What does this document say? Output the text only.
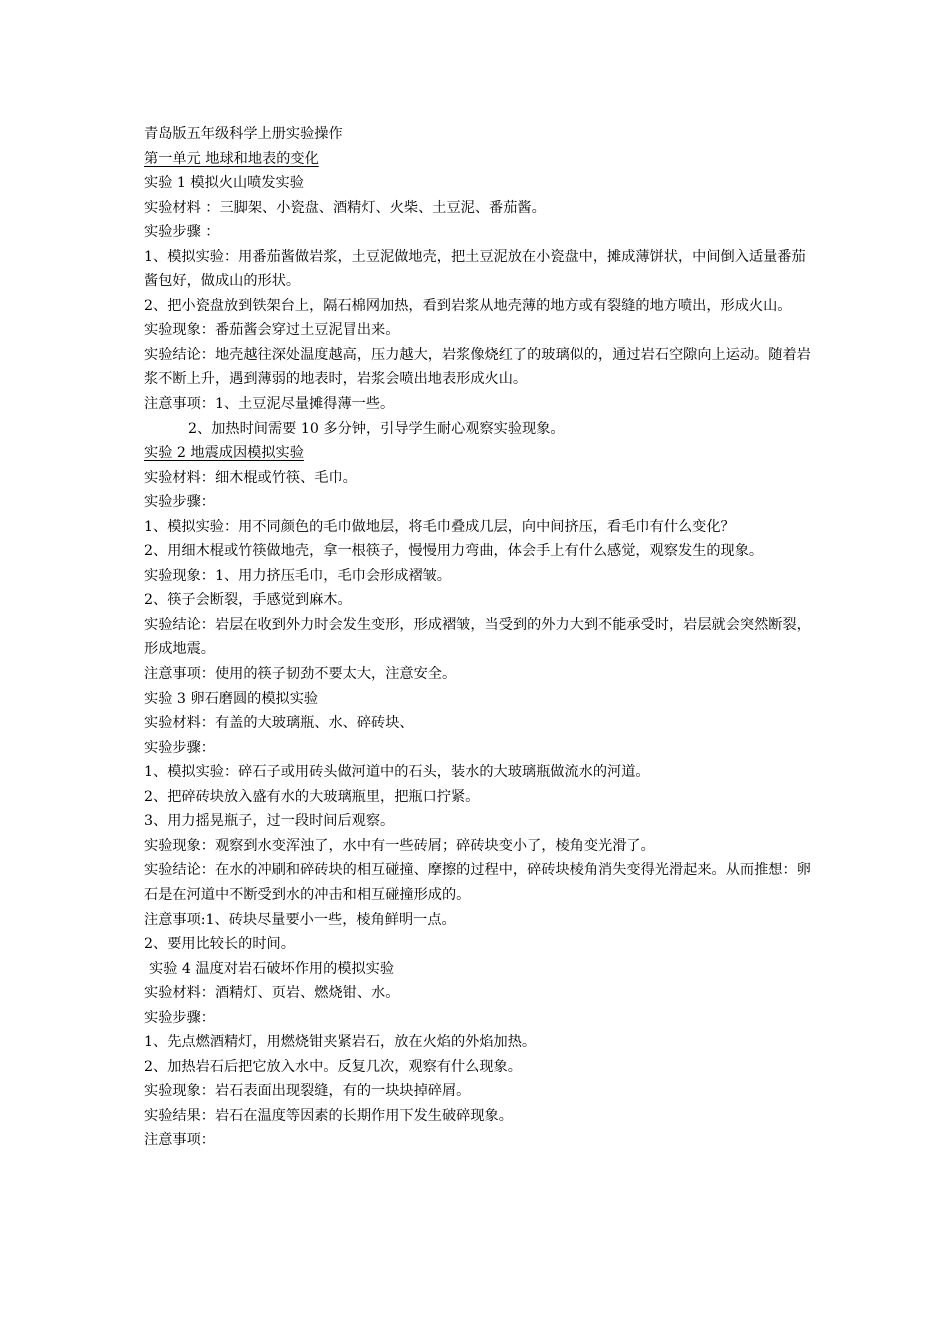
青岛版五年级科学上册实验操作

第一单元 地球和地表的变化

实验 1 模拟火山喷发实验

实验材料 ：三脚架、小瓷盘、酒精灯、火柴、土豆泥、番茄酱。

实验步骤 ：

1、模拟实验：用番茄酱做岩浆，土豆泥做地壳，把土豆泥放在小瓷盘中，摊成薄饼状，中间倒入适量番茄酱包好，做成山的形状。

2、把小瓷盘放到铁架台上，隔石棉网加热，看到岩浆从地壳薄的地方或有裂缝的地方喷出，形成火山。

实验现象：番茄酱会穿过土豆泥冒出来。

实验结论：地壳越往深处温度越高，压力越大，岩浆像烧红了的玻璃似的，通过岩石空隙向上运动。随着岩浆不断上升，遇到薄弱的地表时，岩浆会喷出地表形成火山。

注意事项：1、土豆泥尽量摊得薄一些。

2、加热时间需要 10 多分钟，引导学生耐心观察实验现象。

实验 2 地震成因模拟实验

实验材料：细木棍或竹筷、毛巾。

实验步骤：

1、模拟实验：用不同颜色的毛巾做地层，将毛巾叠成几层，向中间挤压，看毛巾有什么变化？

2、用细木棍或竹筷做地壳，拿一根筷子，慢慢用力弯曲，体会手上有什么感觉，观察发生的现象。

实验现象：1、用力挤压毛巾，毛巾会形成褶皱。

2、筷子会断裂，手感觉到麻木。

实验结论：岩层在收到外力时会发生变形，形成褶皱，当受到的外力大到不能承受时，岩层就会突然断裂，形成地震。

注意事项：使用的筷子韧劲不要太大，注意安全。

实验 3 卵石磨圆的模拟实验

实验材料：有盖的大玻璃瓶、水、碎砖块、

实验步骤：

1、模拟实验：碎石子或用砖头做河道中的石头，装水的大玻璃瓶做流水的河道。

2、把碎砖块放入盛有水的大玻璃瓶里，把瓶口拧紧。

3、用力摇晃瓶子，过一段时间后观察。

实验现象：观察到水变浑浊了，水中有一些砖屑；碎砖块变小了，棱角变光滑了。

实验结论：在水的冲刷和碎砖块的相互碰撞、摩擦的过程中，碎砖块棱角消失变得光滑起来。从而推想：卵石是在河道中不断受到水的冲击和相互碰撞形成的。

注意事项:1、砖块尽量要小一些，棱角鲜明一点。

2、要用比较长的时间。

实验 4 温度对岩石破坏作用的模拟实验

实验材料：酒精灯、页岩、燃烧钳、水。

实验步骤：

1、先点燃酒精灯，用燃烧钳夹紧岩石，放在火焰的外焰加热。

2、加热岩石后把它放入水中。反复几次，观察有什么现象。

实验现象：岩石表面出现裂缝，有的一块块掉碎屑。

实验结果：岩石在温度等因素的长期作用下发生破碎现象。

注意事项：
